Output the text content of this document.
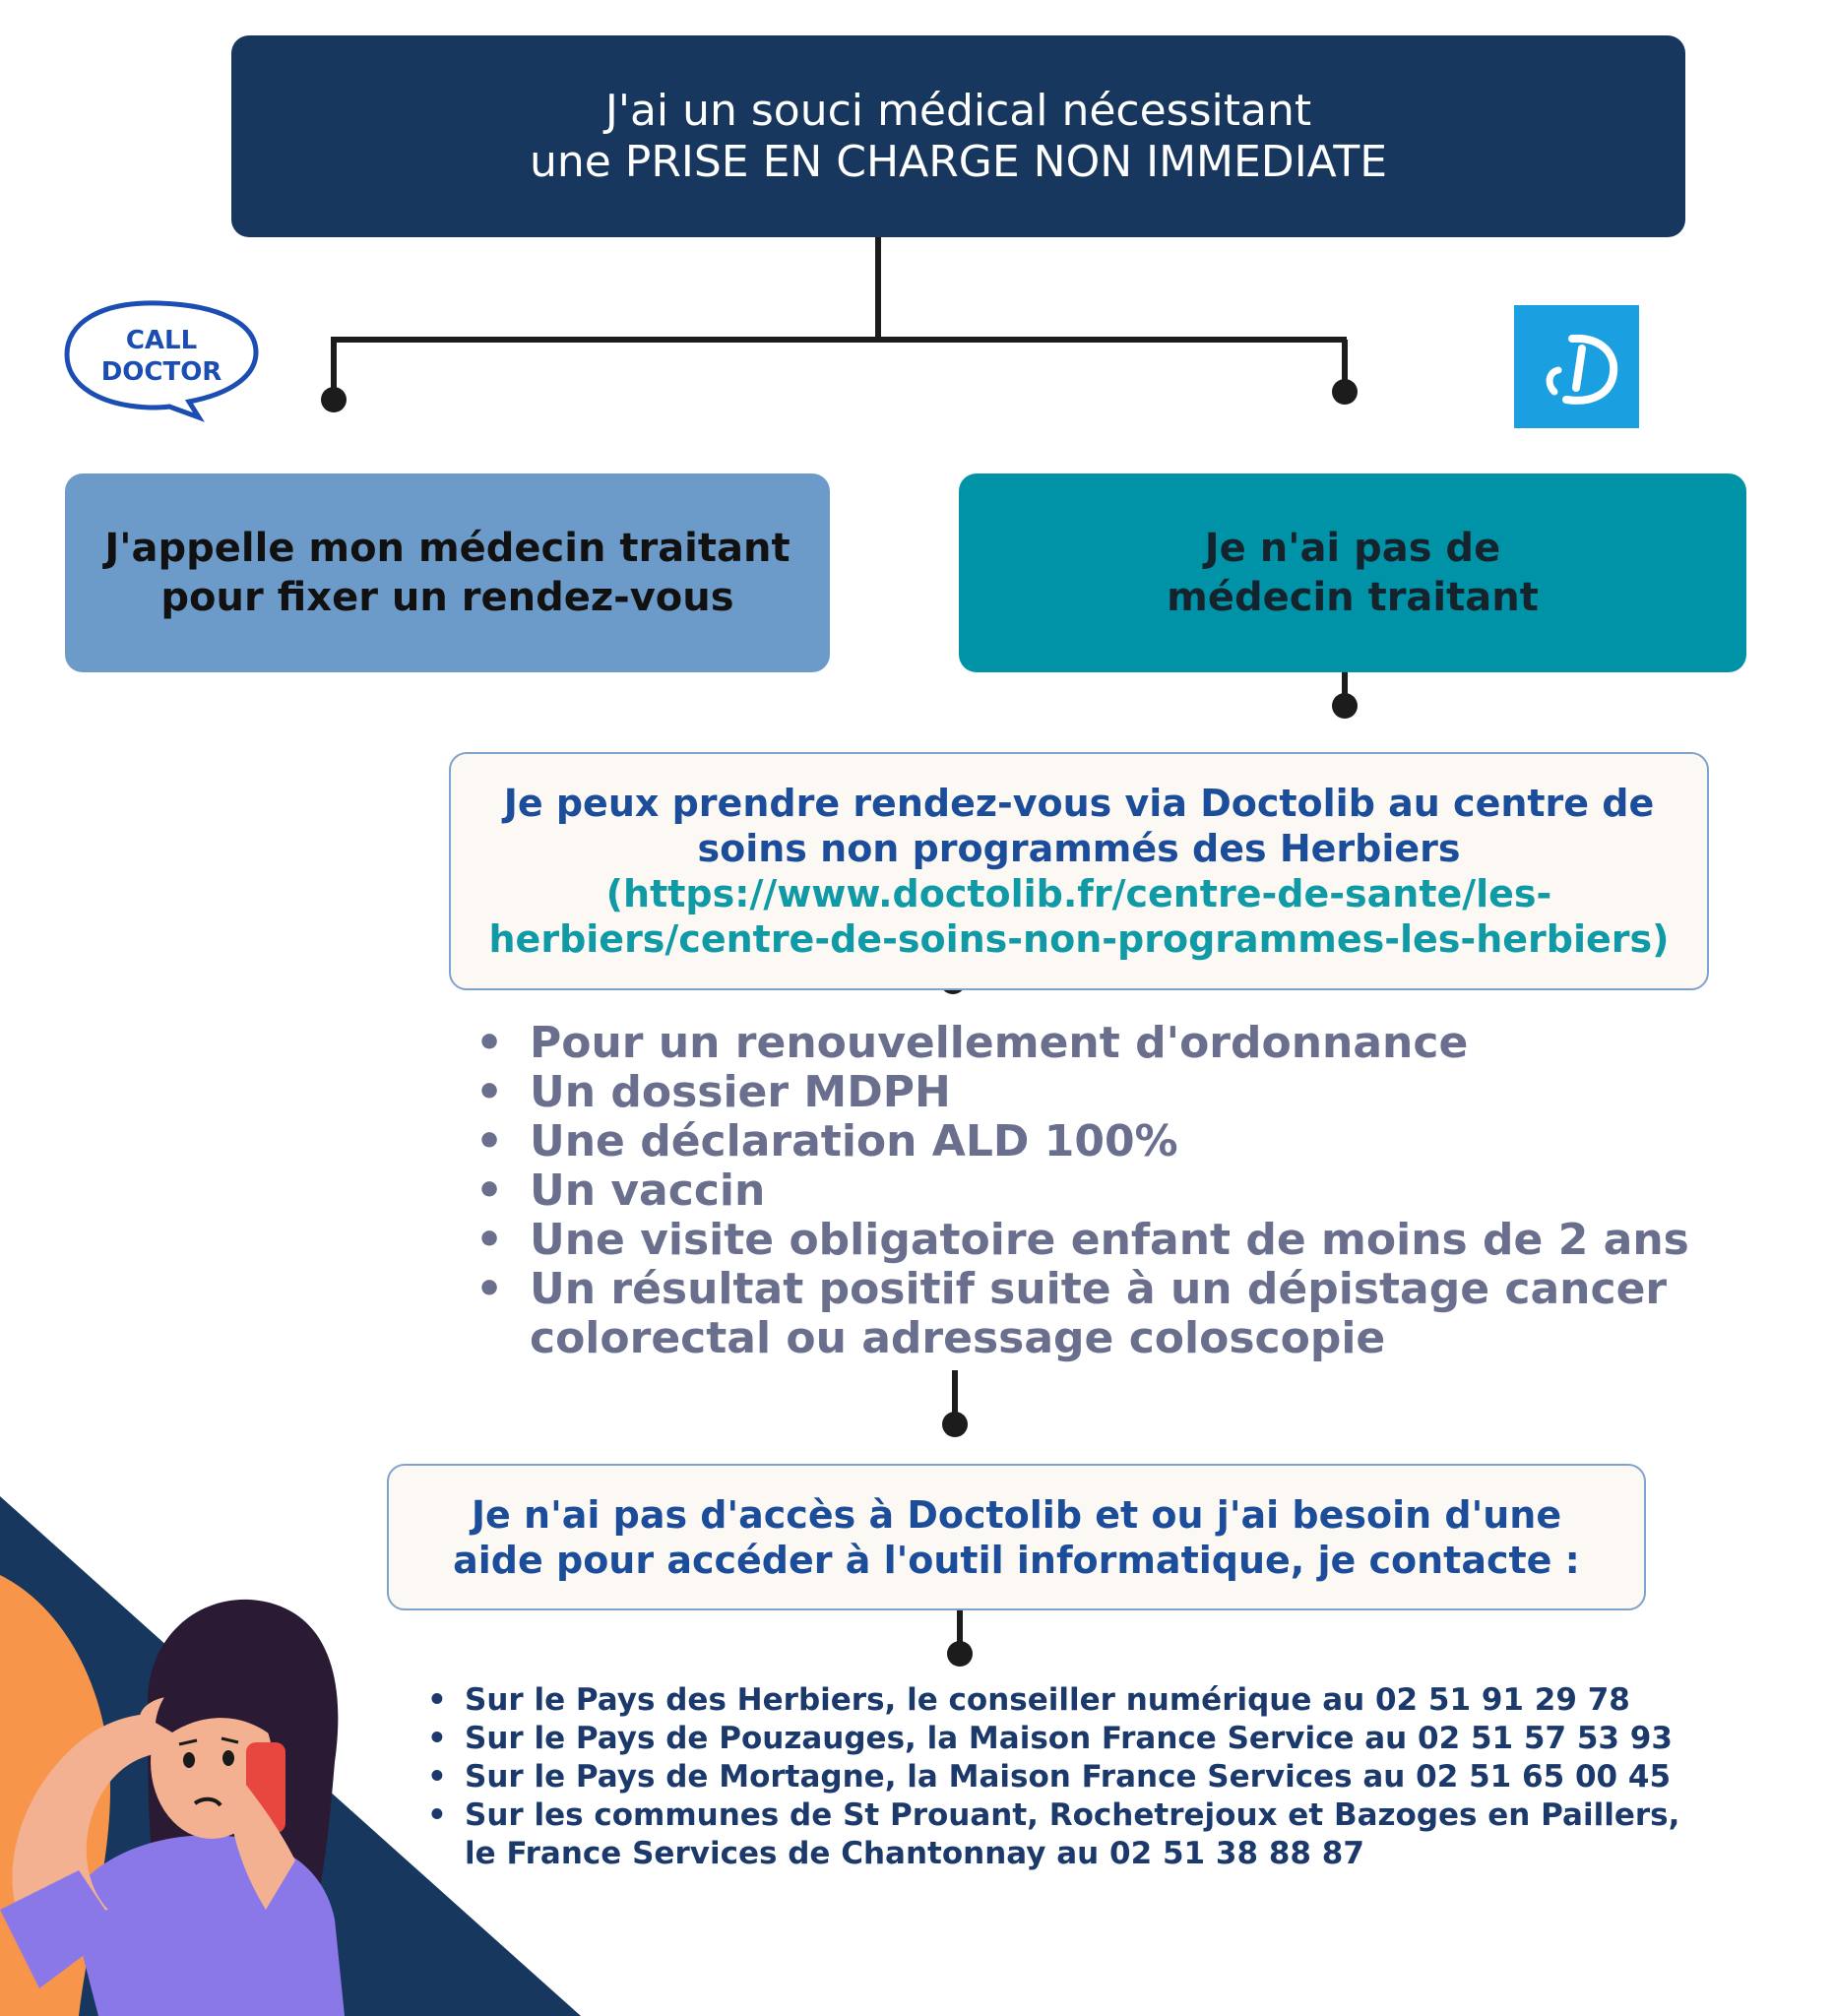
J'ai un souci médical nécessitant
une PRISE EN CHARGE NON IMMEDIATE
CALL
DOCTOR
J'appelle mon médecin traitant
pour fixer un rendez-vous
Je n'ai pas de
médecin traitant
Je peux prendre rendez-vous via Doctolib au centre de
soins non programmés des Herbiers
(https://www.doctolib.fr/centre-de-sante/les-
herbiers/centre-de-soins-non-programmes-les-herbiers)
• Pour un renouvellement d'ordonnance
• Un dossier MDPH
• Une déclaration ALD 100%
• Un vaccin
• Une visite obligatoire enfant de moins de 2 ans
• Un résultat positif suite à un dépistage cancer
colorectal ou adressage coloscopie
Je n'ai pas d'accès à Doctolib et ou j'ai besoin d'une
aide pour accéder à l'outil informatique, je contacte :
• Sur le Pays des Herbiers, le conseiller numérique au 02 51 91 29 78
• Sur le Pays de Pouzauges, la Maison France Service au 02 51 57 53 93
• Sur le Pays de Mortagne, la Maison France Services au 02 51 65 00 45
• Sur les communes de St Prouant, Rochetrejoux et Bazoges en Paillers,
le France Services de Chantonnay au 02 51 38 88 87
